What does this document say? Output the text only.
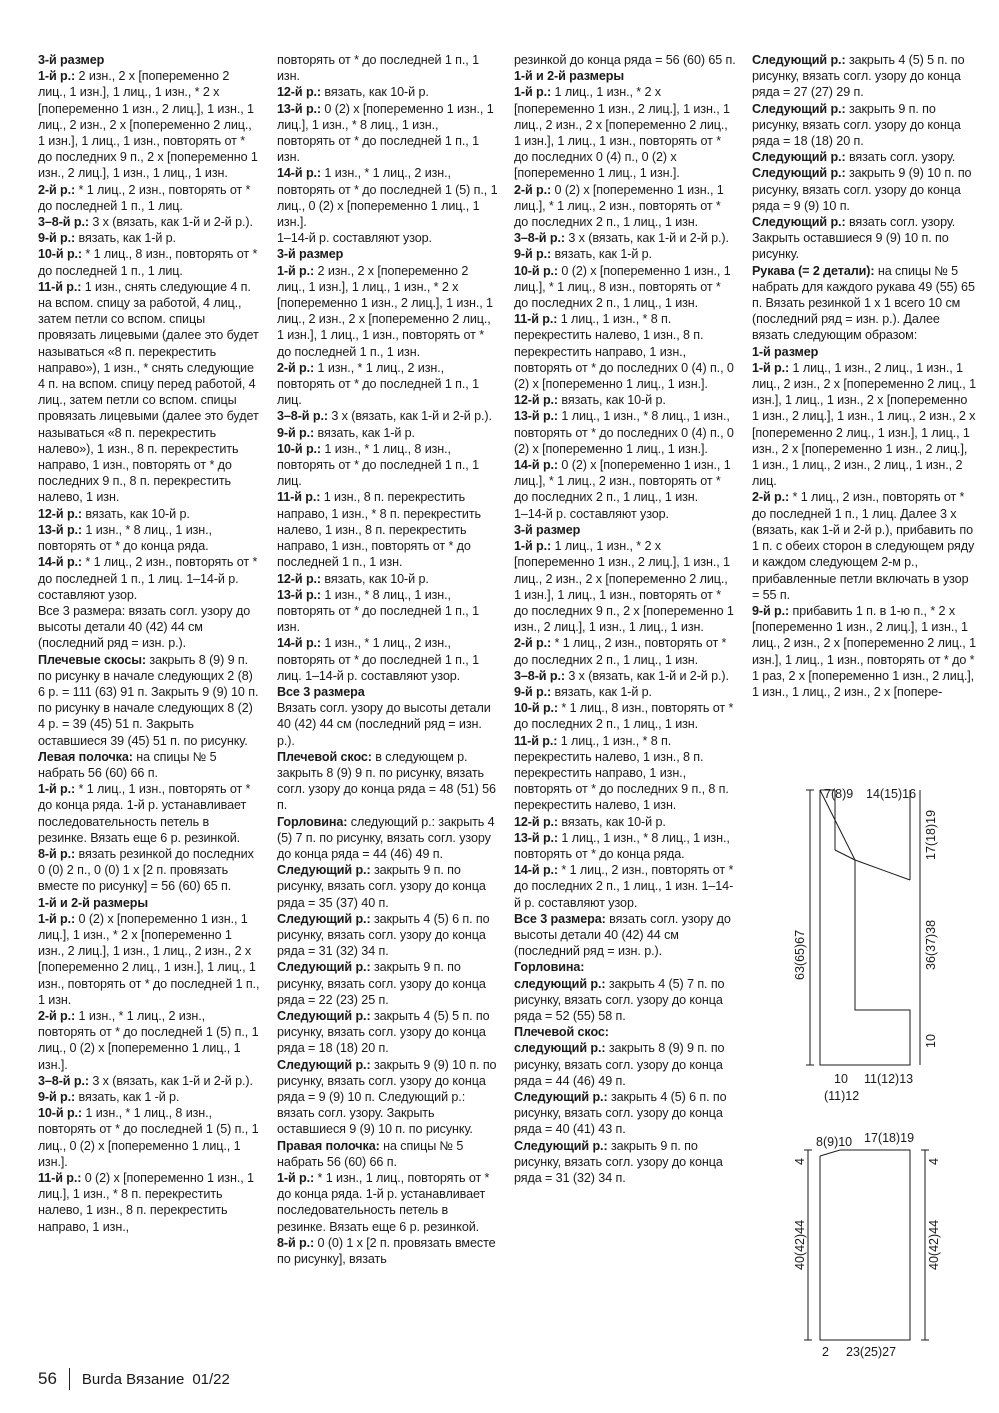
3-й размер

1-й р.: 2 изн., 2 х [попеременно 2 лиц., 1 изн.], 1 лиц., 1 изн., * 2 х [попеременно 1 изн., 2 лиц.], 1 изн., 1 лиц., 2 изн., 2 х [попеременно 2 лиц., 1 изн.], 1 лиц., 1 изн., повторять от * до последних 9 п., 2 х [попеременно 1 изн., 2 лиц.], 1 изн., 1 лиц., 1 изн.

2-й р.: * 1 лиц., 2 изн., повторять от * до последней 1 п., 1 лиц.

3–8-й р.: 3 х (вязать, как 1-й и 2-й р.).

9-й р.: вязать, как 1-й р.

10-й р.: * 1 лиц., 8 изн., повторять от * до последней 1 п., 1 лиц.

11-й р.: 1 изн., снять следующие 4 п. на вспом. спицу за работой, 4 лиц., затем петли со вспом. спицы провязать лицевыми (далее это будет называться «8 п. перекрестить направо»), 1 изн., * снять следующие 4 п. на вспом. спицу перед работой, 4 лиц., затем петли со вспом. спицы провязать лицевыми (далее это будет называться «8 п. перекрестить налево»), 1 изн., 8 п. перекрестить направо, 1 изн., повторять от * до последних 9 п., 8 п. перекрестить налево, 1 изн.

12-й р.: вязать, как 10-й р.

13-й р.: 1 изн., * 8 лиц., 1 изн., повторять от * до конца ряда.

14-й р.: * 1 лиц., 2 изн., повторять от * до последней 1 п., 1 лиц. 1–14-й р. составляют узор.

Все 3 размера: вязать согл. узору до высоты детали 40 (42) 44 см (последний ряд = изн. р.).

Плечевые скосы: закрыть 8 (9) 9 п. по рисунку в начале следующих 2 (8) 6 р. = 111 (63) 91 п. Закрыть 9 (9) 10 п. по рисунку в начале следующих 8 (2) 4 р. = 39 (45) 51 п. Закрыть оставшиеся 39 (45) 51 п. по рисунку.

Левая полочка: на спицы № 5 набрать 56 (60) 66 п.

1-й р.: * 1 лиц., 1 изн., повторять от * до конца ряда. 1-й р. устанавливает последовательность петель в резинке. Вязать еще 6 р. резинкой.

8-й р.: вязать резинкой до последних 0 (0) 2 п., 0 (0) 1 х [2 п. провязать вместе по рисунку] = 56 (60) 65 п.

1-й и 2-й размеры

1-й р.: 0 (2) х [попеременно 1 изн., 1 лиц.], 1 изн., * 2 х [попеременно 1 изн., 2 лиц.], 1 изн., 1 лиц., 2 изн., 2 х [попеременно 2 лиц., 1 изн.], 1 лиц., 1 изн., повторять от * до последней 1 п., 1 изн.

2-й р.: 1 изн., * 1 лиц., 2 изн., повторять от * до последней 1 (5) п., 1 лиц., 0 (2) х [попеременно 1 лиц., 1 изн.].

3–8-й р.: 3 х (вязать, как 1-й и 2-й р.).

9-й р.: вязать, как 1 -й р.

10-й р.: 1 изн., * 1 лиц., 8 изн., повторять от * до последней 1 (5) п., 1 лиц., 0 (2) х [попеременно 1 лиц., 1 изн.].

11-й р.: 0 (2) х [попеременно 1 изн., 1 лиц.], 1 изн., * 8 п. перекрестить налево, 1 изн., 8 п. перекрестить направо, 1 изн.,

повторять от * до последней 1 п., 1 изн.

12-й р.: вязать, как 10-й р.

13-й р.: 0 (2) х [попеременно 1 изн., 1 лиц.], 1 изн., * 8 лиц., 1 изн., повторять от * до последней 1 п., 1 изн.

14-й р.: 1 изн., * 1 лиц., 2 изн., повторять от * до последней 1 (5) п., 1 лиц., 0 (2) х [попеременно 1 лиц., 1 изн.].

1–14-й р. составляют узор.

3-й размер

1-й р.: 2 изн., 2 х [попеременно 2 лиц., 1 изн.], 1 лиц., 1 изн., * 2 х [попеременно 1 изн., 2 лиц.], 1 изн., 1 лиц., 2 изн., 2 х [попеременно 2 лиц., 1 изн.], 1 лиц., 1 изн., повторять от * до последней 1 п., 1 изн.

2-й р.: 1 изн., * 1 лиц., 2 изн., повторять от * до последней 1 п., 1 лиц.

3–8-й р.: 3 х (вязать, как 1-й и 2-й р.).

9-й р.: вязать, как 1-й р.

10-й р.: 1 изн., * 1 лиц., 8 изн., повторять от * до последней 1 п., 1 лиц.

11-й р.: 1 изн., 8 п. перекрестить направо, 1 изн., * 8 п. перекрестить налево, 1 изн., 8 п. перекрестить направо, 1 изн., повторять от * до последней 1 п., 1 изн.

12-й р.: вязать, как 10-й р.

13-й р.: 1 изн., * 8 лиц., 1 изн., повторять от * до последней 1 п., 1 изн.

14-й р.: 1 изн., * 1 лиц., 2 изн., повторять от * до последней 1 п., 1 лиц. 1–14-й р. составляют узор.

Все 3 размера

Вязать согл. узору до высоты детали 40 (42) 44 см (последний ряд = изн. р.).

Плечевой скос: в следующем р. закрыть 8 (9) 9 п. по рисунку, вязать согл. узору до конца ряда = 48 (51) 56 п.

Горловина: следующий р.: закрыть 4 (5) 7 п. по рисунку, вязать согл. узору до конца ряда = 44 (46) 49 п.

Следующий р.: закрыть 9 п. по рисунку, вязать согл. узору до конца ряда = 35 (37) 40 п.

Следующий р.: закрыть 4 (5) 6 п. по рисунку, вязать согл. узору до конца ряда = 31 (32) 34 п.

Следующий р.: закрыть 9 п. по рисунку, вязать согл. узору до конца ряда = 22 (23) 25 п.

Следующий р.: закрыть 4 (5) 5 п. по рисунку, вязать согл. узору до конца ряда = 18 (18) 20 п.

Следующий р.: закрыть 9 (9) 10 п. по рисунку, вязать согл. узору до конца ряда = 9 (9) 10 п. Следующий р.: вязать согл. узору. Закрыть оставшиеся 9 (9) 10 п. по рисунку.

Правая полочка: на спицы № 5 набрать 56 (60) 66 п.

1-й р.: * 1 изн., 1 лиц., повторять от * до конца ряда. 1-й р. устанавливает последовательность петель в резинке. Вязать еще 6 р. резинкой.

8-й р.: 0 (0) 1 х [2 п. провязать вместе по рисунку], вязать

резинкой до конца ряда = 56 (60) 65 п.

1-й и 2-й размеры

1-й р.: 1 лиц., 1 изн., * 2 х [попеременно 1 изн., 2 лиц.], 1 изн., 1 лиц., 2 изн., 2 х [попеременно 2 лиц., 1 изн.], 1 лиц., 1 изн., повторять от * до последних 0 (4) п., 0 (2) х [попеременно 1 лиц., 1 изн.].

2-й р.: 0 (2) х [попеременно 1 изн., 1 лиц.], * 1 лиц., 2 изн., повторять от * до последних 2 п., 1 лиц., 1 изн.

3–8-й р.: 3 х (вязать, как 1-й и 2-й р.).

9-й р.: вязать, как 1-й р.

10-й р.: 0 (2) х [попеременно 1 изн., 1 лиц.], * 1 лиц., 8 изн., повторять от * до последних 2 п., 1 лиц., 1 изн.

11-й р.: 1 лиц., 1 изн., * 8 п. перекрестить налево, 1 изн., 8 п. перекрестить направо, 1 изн., повторять от * до последних 0 (4) п., 0 (2) х [попеременно 1 лиц., 1 изн.].

12-й р.: вязать, как 10-й р.

13-й р.: 1 лиц., 1 изн., * 8 лиц., 1 изн., повторять от * до последних 0 (4) п., 0 (2) х [попеременно 1 лиц., 1 изн.].

14-й р.: 0 (2) х [попеременно 1 изн., 1 лиц.], * 1 лиц., 2 изн., повторять от * до последних 2 п., 1 лиц., 1 изн.

1–14-й р. составляют узор.

3-й размер

1-й р.: 1 лиц., 1 изн., * 2 х [попеременно 1 изн., 2 лиц.], 1 изн., 1 лиц., 2 изн., 2 х [попеременно 2 лиц., 1 изн.], 1 лиц., 1 изн., повторять от * до последних 9 п., 2 х [попеременно 1 изн., 2 лиц.], 1 изн., 1 лиц., 1 изн.

2-й р.: * 1 лиц., 2 изн., повторять от * до последних 2 п., 1 лиц., 1 изн.

3–8-й р.: 3 х (вязать, как 1-й и 2-й р.).

9-й р.: вязать, как 1-й р.

10-й р.: * 1 лиц., 8 изн., повторять от * до последних 2 п., 1 лиц., 1 изн.

11-й р.: 1 лиц., 1 изн., * 8 п. перекрестить налево, 1 изн., 8 п. перекрестить направо, 1 изн., повторять от * до последних 9 п., 8 п. перекрестить налево, 1 изн.

12-й р.: вязать, как 10-й р.

13-й р.: 1 лиц., 1 изн., * 8 лиц., 1 изн., повторять от * до конца ряда.

14-й р.: * 1 лиц., 2 изн., повторять от * до последних 2 п., 1 лиц., 1 изн. 1–14-й р. составляют узор.

Все 3 размера: вязать согл. узору до высоты детали 40 (42) 44 см (последний ряд = изн. р.).

Горловина:

следующий р.: закрыть 4 (5) 7 п. по рисунку, вязать согл. узору до конца ряда = 52 (55) 58 п.

Плечевой скос:

следующий р.: закрыть 8 (9) 9 п. по рисунку, вязать согл. узору до конца ряда = 44 (46) 49 п.

Следующий р.: закрыть 4 (5) 6 п. по рисунку, вязать согл. узору до конца ряда = 40 (41) 43 п.

Следующий р.: закрыть 9 п. по рисунку, вязать согл. узору до конца ряда = 31 (32) 34 п.

Следующий р.: закрыть 4 (5) 5 п. по рисунку, вязать согл. узору до конца ряда = 27 (27) 29 п.

Следующий р.: закрыть 9 п. по рисунку, вязать согл. узору до конца ряда = 18 (18) 20 п.

Следующий р.: вязать согл. узору.

Следующий р.: закрыть 9 (9) 10 п. по рисунку, вязать согл. узору до конца ряда = 9 (9) 10 п.

Следующий р.: вязать согл. узору. Закрыть оставшиеся 9 (9) 10 п. по рисунку.

Рукава (= 2 детали): на спицы № 5 набрать для каждого рукава 49 (55) 65 п. Вязать резинкой 1 х 1 всего 10 см (последний ряд = изн. р.). Далее вязать следующим образом:

1-й размер

1-й р.: 1 лиц., 1 изн., 2 лиц., 1 изн., 1 лиц., 2 изн., 2 х [попеременно 2 лиц., 1 изн.], 1 лиц., 1 изн., 2 х [попеременно 1 изн., 2 лиц.], 1 изн., 1 лиц., 2 изн., 2 х [попеременно 2 лиц., 1 изн.], 1 лиц., 1 изн., 2 х [попеременно 1 изн., 2 лиц.], 1 изн., 1 лиц., 2 изн., 2 лиц., 1 изн., 2 лиц.

2-й р.: * 1 лиц., 2 изн., повторять от * до последней 1 п., 1 лиц. Далее 3 х (вязать, как 1-й и 2-й р.), прибавить по 1 п. с обеих сторон в следующем ряду и каждом следующем 2-м р., прибавленные петли включать в узор = 55 п.

9-й р.: прибавить 1 п. в 1-ю п., * 2 х [попеременно 1 изн., 2 лиц.], 1 изн., 1 лиц., 2 изн., 2 х [попеременно 2 лиц., 1 изн.], 1 лиц., 1 изн., повторять от * до * 1 раз, 2 х [попеременно 1 изн., 2 лиц.], 1 изн., 1 лиц., 2 изн., 2 х [попере-

7(8)9 14(15)16
17(18)19
63(65)67	36(37)38
10
10 11(12)13
(11)12
8(9)10 17(18)19
4	4
40(42)44	40(42)44
2 23(25)27
56 Burda Вязание 01/22
